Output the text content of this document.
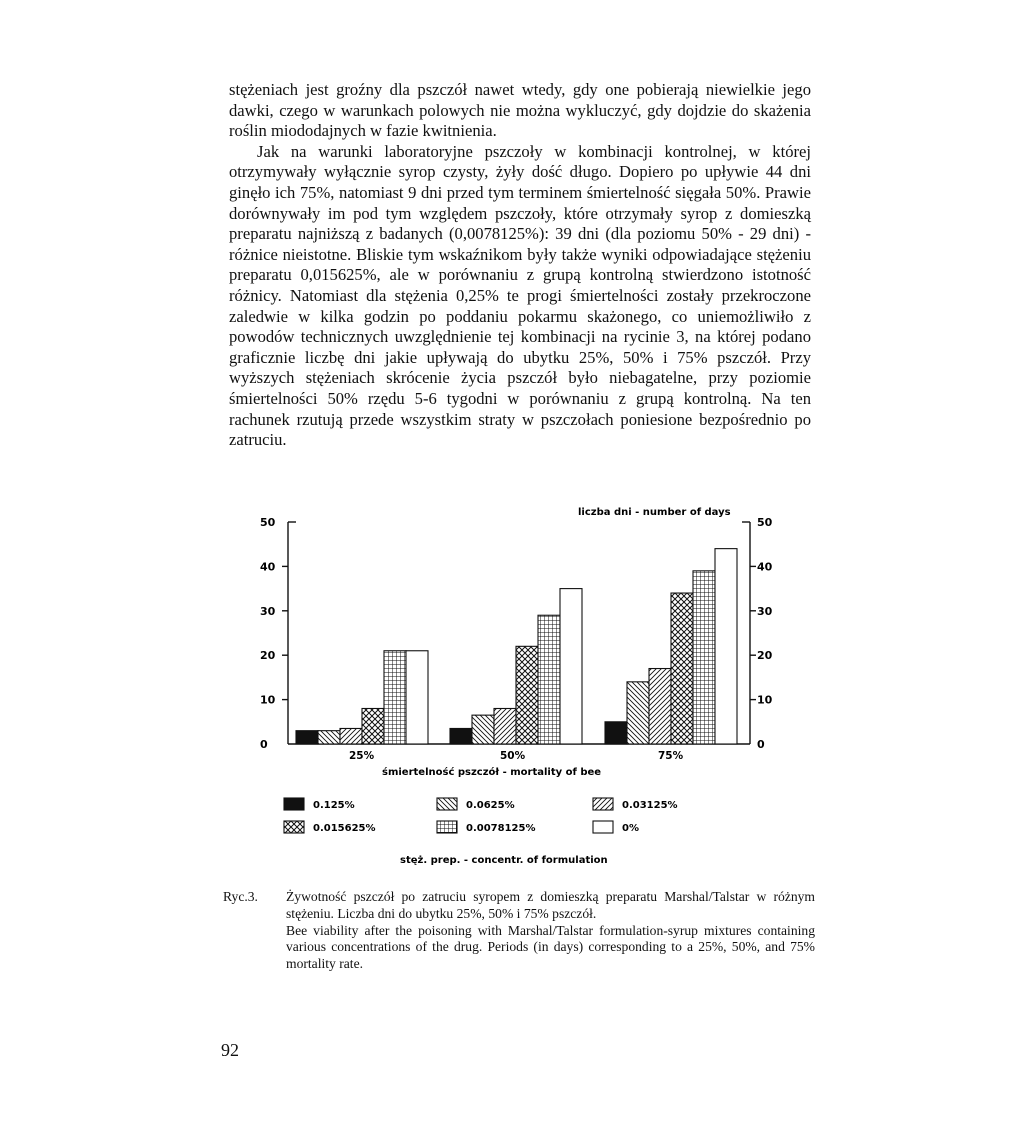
stężeniach jest groźny dla pszczół nawet wtedy, gdy one pobierają niewielkie jego dawki, czego w warunkach polowych nie można wykluczyć, gdy dojdzie do skażenia roślin miododajnych w fazie kwitnienia.

Jak na warunki laboratoryjne pszczoły w kombinacji kontrolnej, w której otrzymywały wyłącznie syrop czysty, żyły dość długo. Dopiero po upływie 44 dni ginęło ich 75%, natomiast 9 dni przed tym terminem śmiertelność sięgała 50%. Prawie dorównywały im pod tym względem pszczoły, które otrzymały syrop z domieszką preparatu najniższą z badanych (0,0078125%): 39 dni (dla poziomu 50% - 29 dni) - różnice nieistotne. Bliskie tym wskaźnikom były także wyniki odpowiadające stężeniu preparatu 0,015625%, ale w porównaniu z grupą kontrolną stwierdzono istotność różnicy. Natomiast dla stężenia 0,25% te progi śmiertelności zostały przekroczone zaledwie w kilka godzin po poddaniu pokarmu skażonego, co uniemożliwiło z powodów technicznych uwzględnienie tej kombinacji na rycinie 3, na której podano graficznie liczbę dni jakie upływają do ubytku 25%, 50% i 75% pszczół. Przy wyższych stężeniach skrócenie życia pszczół było niebagatelne, przy poziomie śmiertelności 50% rzędu 5-6 tygodni w porównaniu z grupą kontrolną. Na ten rachunek rzutują przede wszystkim straty w pszczołach poniesione bezpośrednio po zatruciu.

0	0
10	10
20	20
30	30
40	40
50	50
25%	50%	75%
liczba dni - number of days
śmiertelność pszczół - mortality of bee
0.125%	0.0625%	0.03125%
0.015625%	0.0078125%	0%
stęż. prep. - concentr. of formulation
Ryc.3. Żywotność pszczół po zatruciu syropem z domieszką preparatu Marshal/Talstar w różnym stężeniu. Liczba dni do ubytku 25%, 50% i 75% pszczół.
Bee viability after the poisoning with Marshal/Talstar formulation-syrup mixtures containing various concentrations of the drug. Periods (in days) corresponding to a 25%, 50%, and 75% mortality rate.
92
